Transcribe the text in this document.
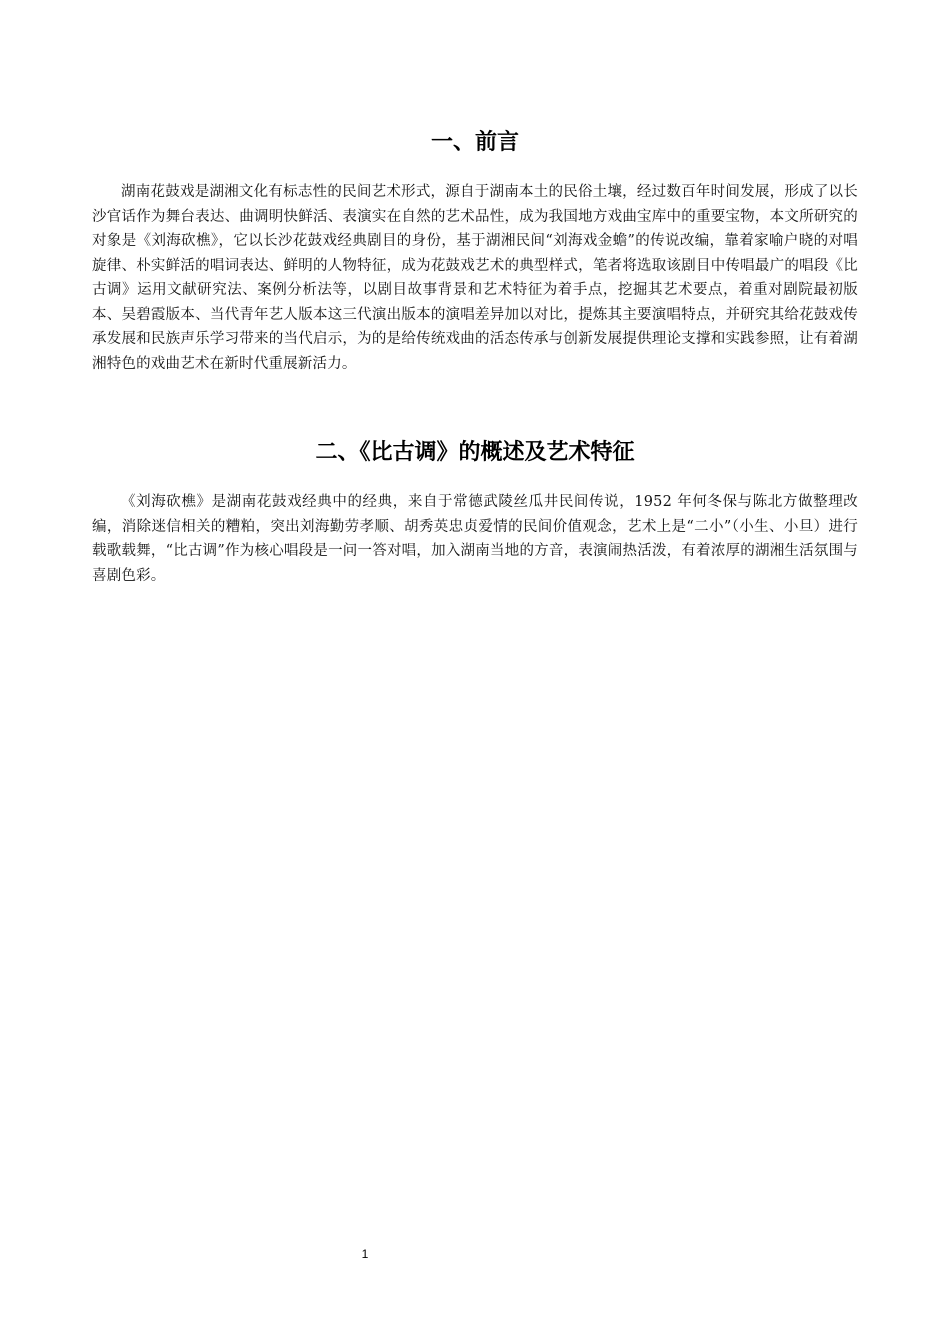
一、前言

湖南花鼓戏是湖湘文化有标志性的民间艺术形式，源自于湖南本土的民俗土壤，经过数百年时间发展，形成了以长沙官话作为舞台表达、曲调明快鲜活、表演实在自然的艺术品性，成为我国地方戏曲宝库中的重要宝物，本文所研究的对象是《刘海砍樵》，它以长沙花鼓戏经典剧目的身份，基于湖湘民间“刘海戏金蟾”的传说改编，靠着家喻户晓的对唱旋律、朴实鲜活的唱词表达、鲜明的人物特征，成为花鼓戏艺术的典型样式，笔者将选取该剧目中传唱最广的唱段《比古调》运用文献研究法、案例分析法等，以剧目故事背景和艺术特征为着手点，挖掘其艺术要点，着重对剧院最初版本、吴碧霞版本、当代青年艺人版本这三代演出版本的演唱差异加以对比，提炼其主要演唱特点，并研究其给花鼓戏传承发展和民族声乐学习带来的当代启示，为的是给传统戏曲的活态传承与创新发展提供理论支撑和实践参照，让有着湖湘特色的戏曲艺术在新时代重展新活力。

二、《比古调》的概述及艺术特征

《刘海砍樵》是湖南花鼓戏经典中的经典，来自于常德武陵丝瓜井民间传说，1952 年何冬保与陈北方做整理改编，消除迷信相关的糟粕，突出刘海勤劳孝顺、胡秀英忠贞爱情的民间价值观念，艺术上是“二小”（小生、小旦）进行载歌载舞，“比古调”作为核心唱段是一问一答对唱，加入湖南当地的方音，表演闹热活泼，有着浓厚的湖湘生活氛围与喜剧色彩。

1
